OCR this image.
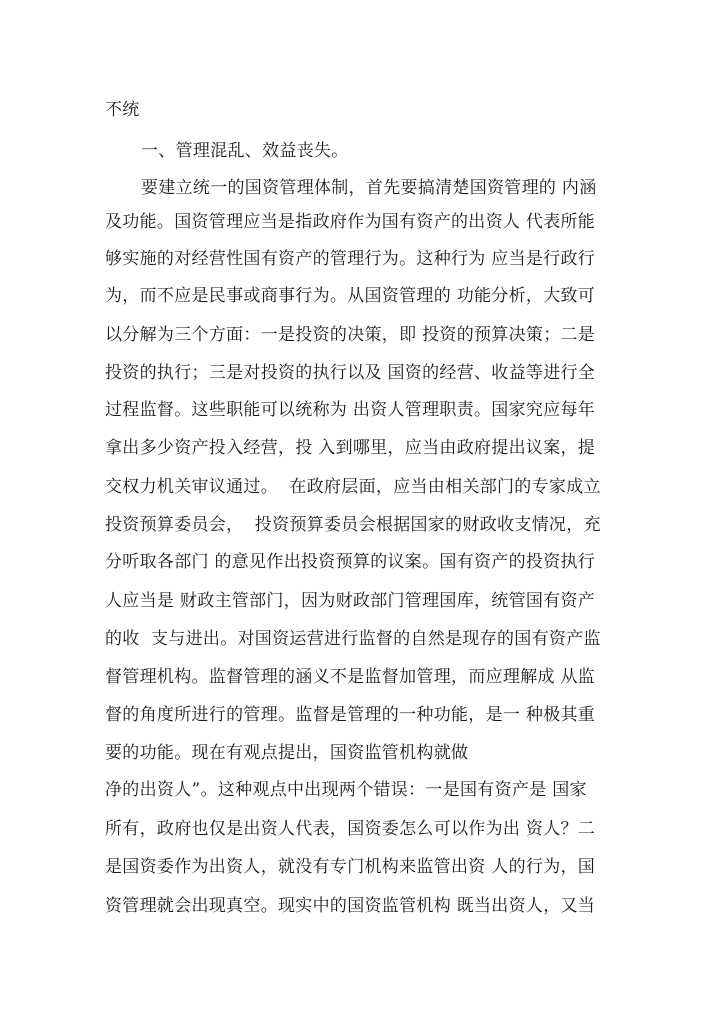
不统
一、管理混乱、效益丧失。
要建立统一的国资管理体制，首先要搞清楚国资管理的 内涵
及功能。国资管理应当是指政府作为国有资产的出资人 代表所能
够实施的对经营性国有资产的管理行为。这种行为 应当是行政行
为，而不应是民事或商事行为。从国资管理的 功能分析，大致可
以分解为三个方面：一是投资的决策，即 投资的预算决策；二是
投资的执行；三是对投资的执行以及 国资的经营、收益等进行全
过程监督。这些职能可以统称为 出资人管理职责。国家究应每年
拿出多少资产投入经营，投 入到哪里，应当由政府提出议案，提
交权力机关审议通过。  在政府层面，应当由相关部门的专家成立
投资预算委员会，  投资预算委员会根据国家的财政收支情况，充
分听取各部门 的意见作出投资预算的议案。国有资产的投资执行
人应当是 财政主管部门，因为财政部门管理国库，统管国有资产
的收  支与进出。对国资运营进行监督的自然是现存的国有资产监
督管理机构。监督管理的涵义不是监督加管理，而应理解成 从监
督的角度所进行的管理。监督是管理的一种功能，是一 种极其重
要的功能。现在有观点提出，国资监管机构就做
净的出资人”。这种观点中出现两个错误：一是国有资产是 国家
所有，政府也仅是出资人代表，国资委怎么可以作为出 资人？二
是国资委作为出资人，就没有专门机构来监管出资 人的行为，国
资管理就会出现真空。现实中的国资监管机构 既当出资人，又当
